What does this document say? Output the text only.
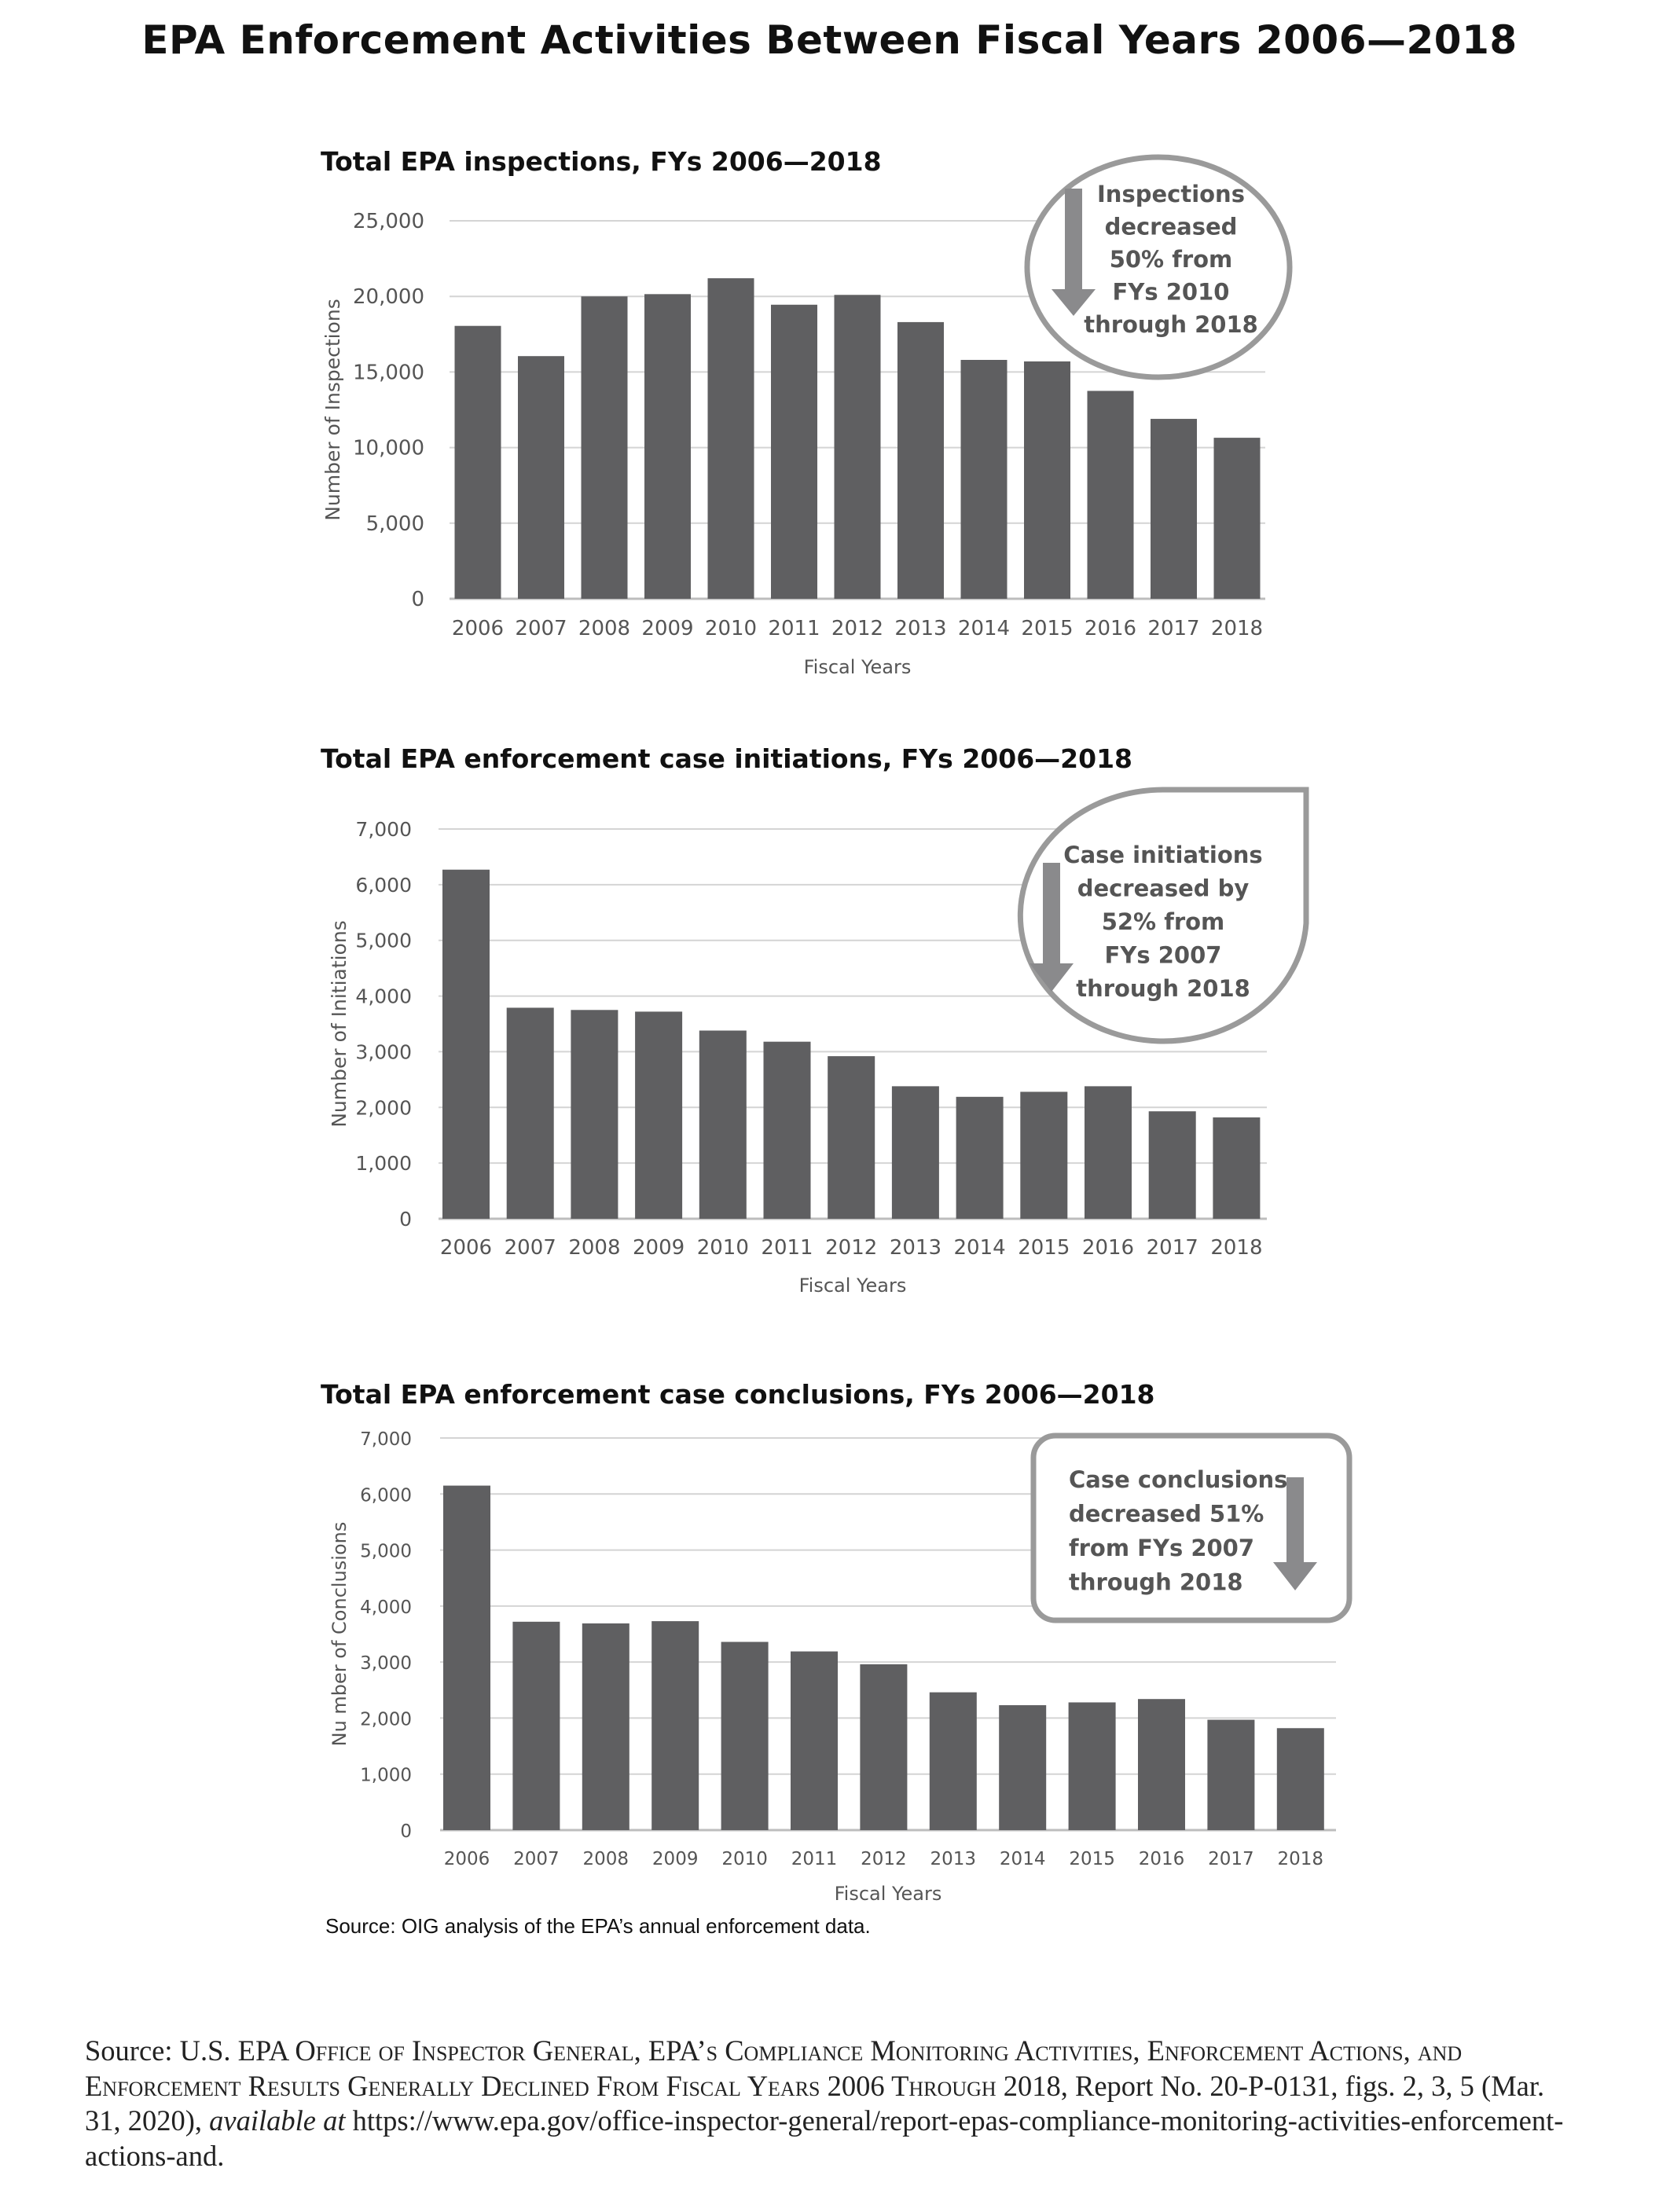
EPA Enforcement Activities Between Fiscal Years 2006—2018
Total EPA inspections, FYs 2006—2018
0
5,000
10,000
15,000
20,000
25,000
2006 2007 2008 2009 2010 2011 2012 2013 2014 2015 2016 2017 2018
Fiscal Years
Number of Inspections
Inspections
decreased
50% from
FYs 2010
through 2018
Total EPA enforcement case initiations, FYs 2006—2018
0
1,000
2,000
3,000
4,000
5,000
6,000
7,000
2006 2007 2008 2009 2010 2011 2012 2013 2014 2015 2016 2017 2018
Fiscal Years
Number of Initiations
Case initiations
decreased by
52% from
FYs 2007
through 2018
Total EPA enforcement case conclusions, FYs 2006—2018
0
1,000
2,000
3,000
4,000
5,000
6,000
7,000
2006 2007 2008 2009 2010 2011 2012 2013 2014 2015 2016 2017 2018
Fiscal Years
Nu mber of Conclusions
Case conclusions
decreased 51%
from FYs 2007
through 2018
Source: OIG analysis of the EPA’s annual enforcement data.
Source: U.S. EPA Office of Inspector General, EPA’s Compliance Monitoring Activities, Enforcement Actions, and Enforcement Results Generally Declined From Fiscal Years 2006 Through 2018, Report No. 20-P-0131, figs. 2, 3, 5 (Mar. 31, 2020), available at https://www.epa.gov/office-inspector-general/report-epas-compliance-monitoring-activities-enforcement-actions-and.
